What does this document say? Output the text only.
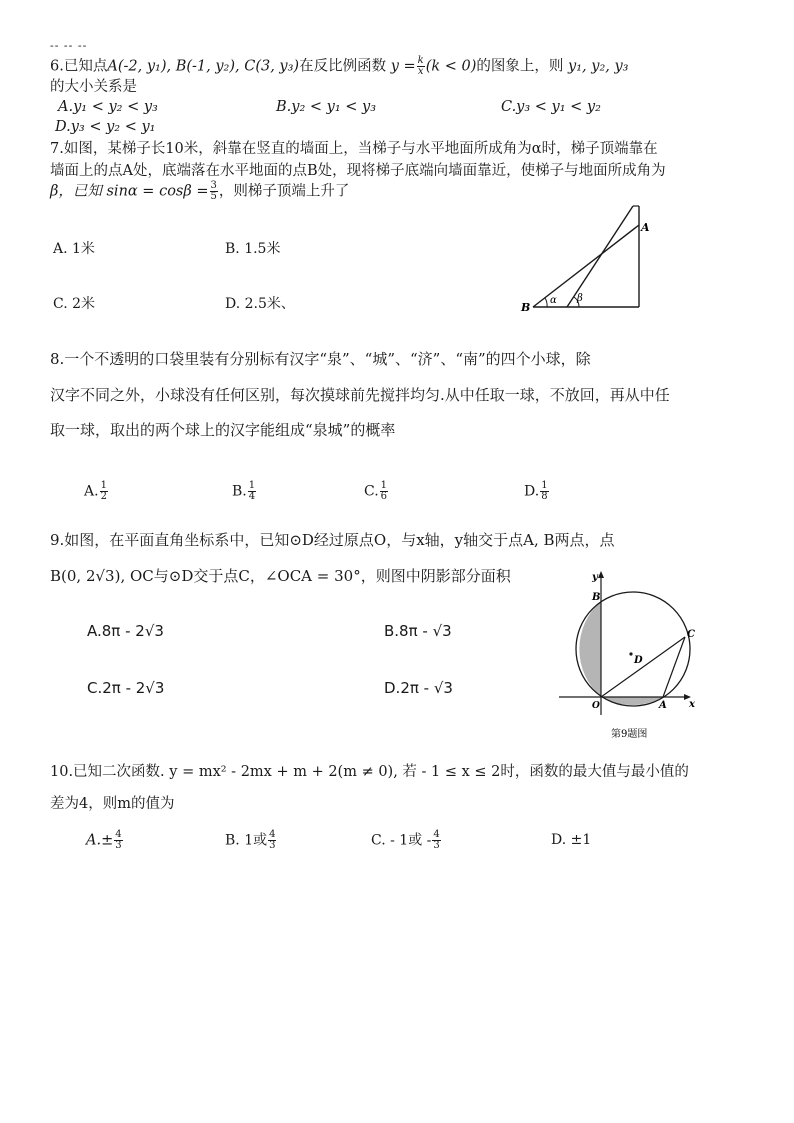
-- -- --
6.已知点A(-2, y₁), B(-1, y₂), C(3, y₃)在反比例函数 $y = \frac{k}{x} (k < 0)$的图象上，则 y₁, y₂, y₃
的大小关系是
A.y₁ < y₂ < y₃	B.y₂ < y₁ < y₃	C.y₃ < y₁ < y₂
D.y₃ < y₂ < y₁
7.如图，某梯子长10米，斜靠在竖直的墙面上，当梯子与水平地面所成角为α时，梯子顶端靠在
墙面上的点A处，底端落在水平地面的点B处，现将梯子底端向墙面靠近，使梯子与地面所成角为
β，已知 $\sin\alpha = \cos\beta = \frac{3}{5}$ ，则梯子顶端上升了
A. 1米	B. 1.5米
C. 2米	D. 2.5米、
A
B
α β
8.一个不透明的口袋里装有分别标有汉字“泉”、“城”、“济”、“南”的四个小球，除
汉字不同之外，小球没有任何区别，每次摸球前先搅拌均匀.从中任取一球，不放回，再从中任
取一球，取出的两个球上的汉字能组成“泉城”的概率
A. $\frac{1}{2}$	B. $\frac{1}{4}$	C. $\frac{1}{6}$	D. $\frac{1}{8}$
9.如图，在平面直角坐标系中，已知⊙D经过原点O，与x轴，y轴交于点A, B两点，点
B(0, 2√3), OC与⊙D交于点C，∠OCA = 30°，则图中阴影部分面积
A.8π - 2√3	B.8π - √3
C.2π - 2√3	D.2π - √3
y
x
B
C
D
O	A
第9题图
10.已知二次函数. y = mx² - 2mx + m + 2(m ≠ 0), 若 - 1 ≤ x ≤ 2时，函数的最大值与最小值的
差为4，则m的值为
$A.\pm \frac{4}{3}$	B. 1或 $\frac{4}{3}$	C. - 1或 - $\frac{4}{3}$	D. ±1
